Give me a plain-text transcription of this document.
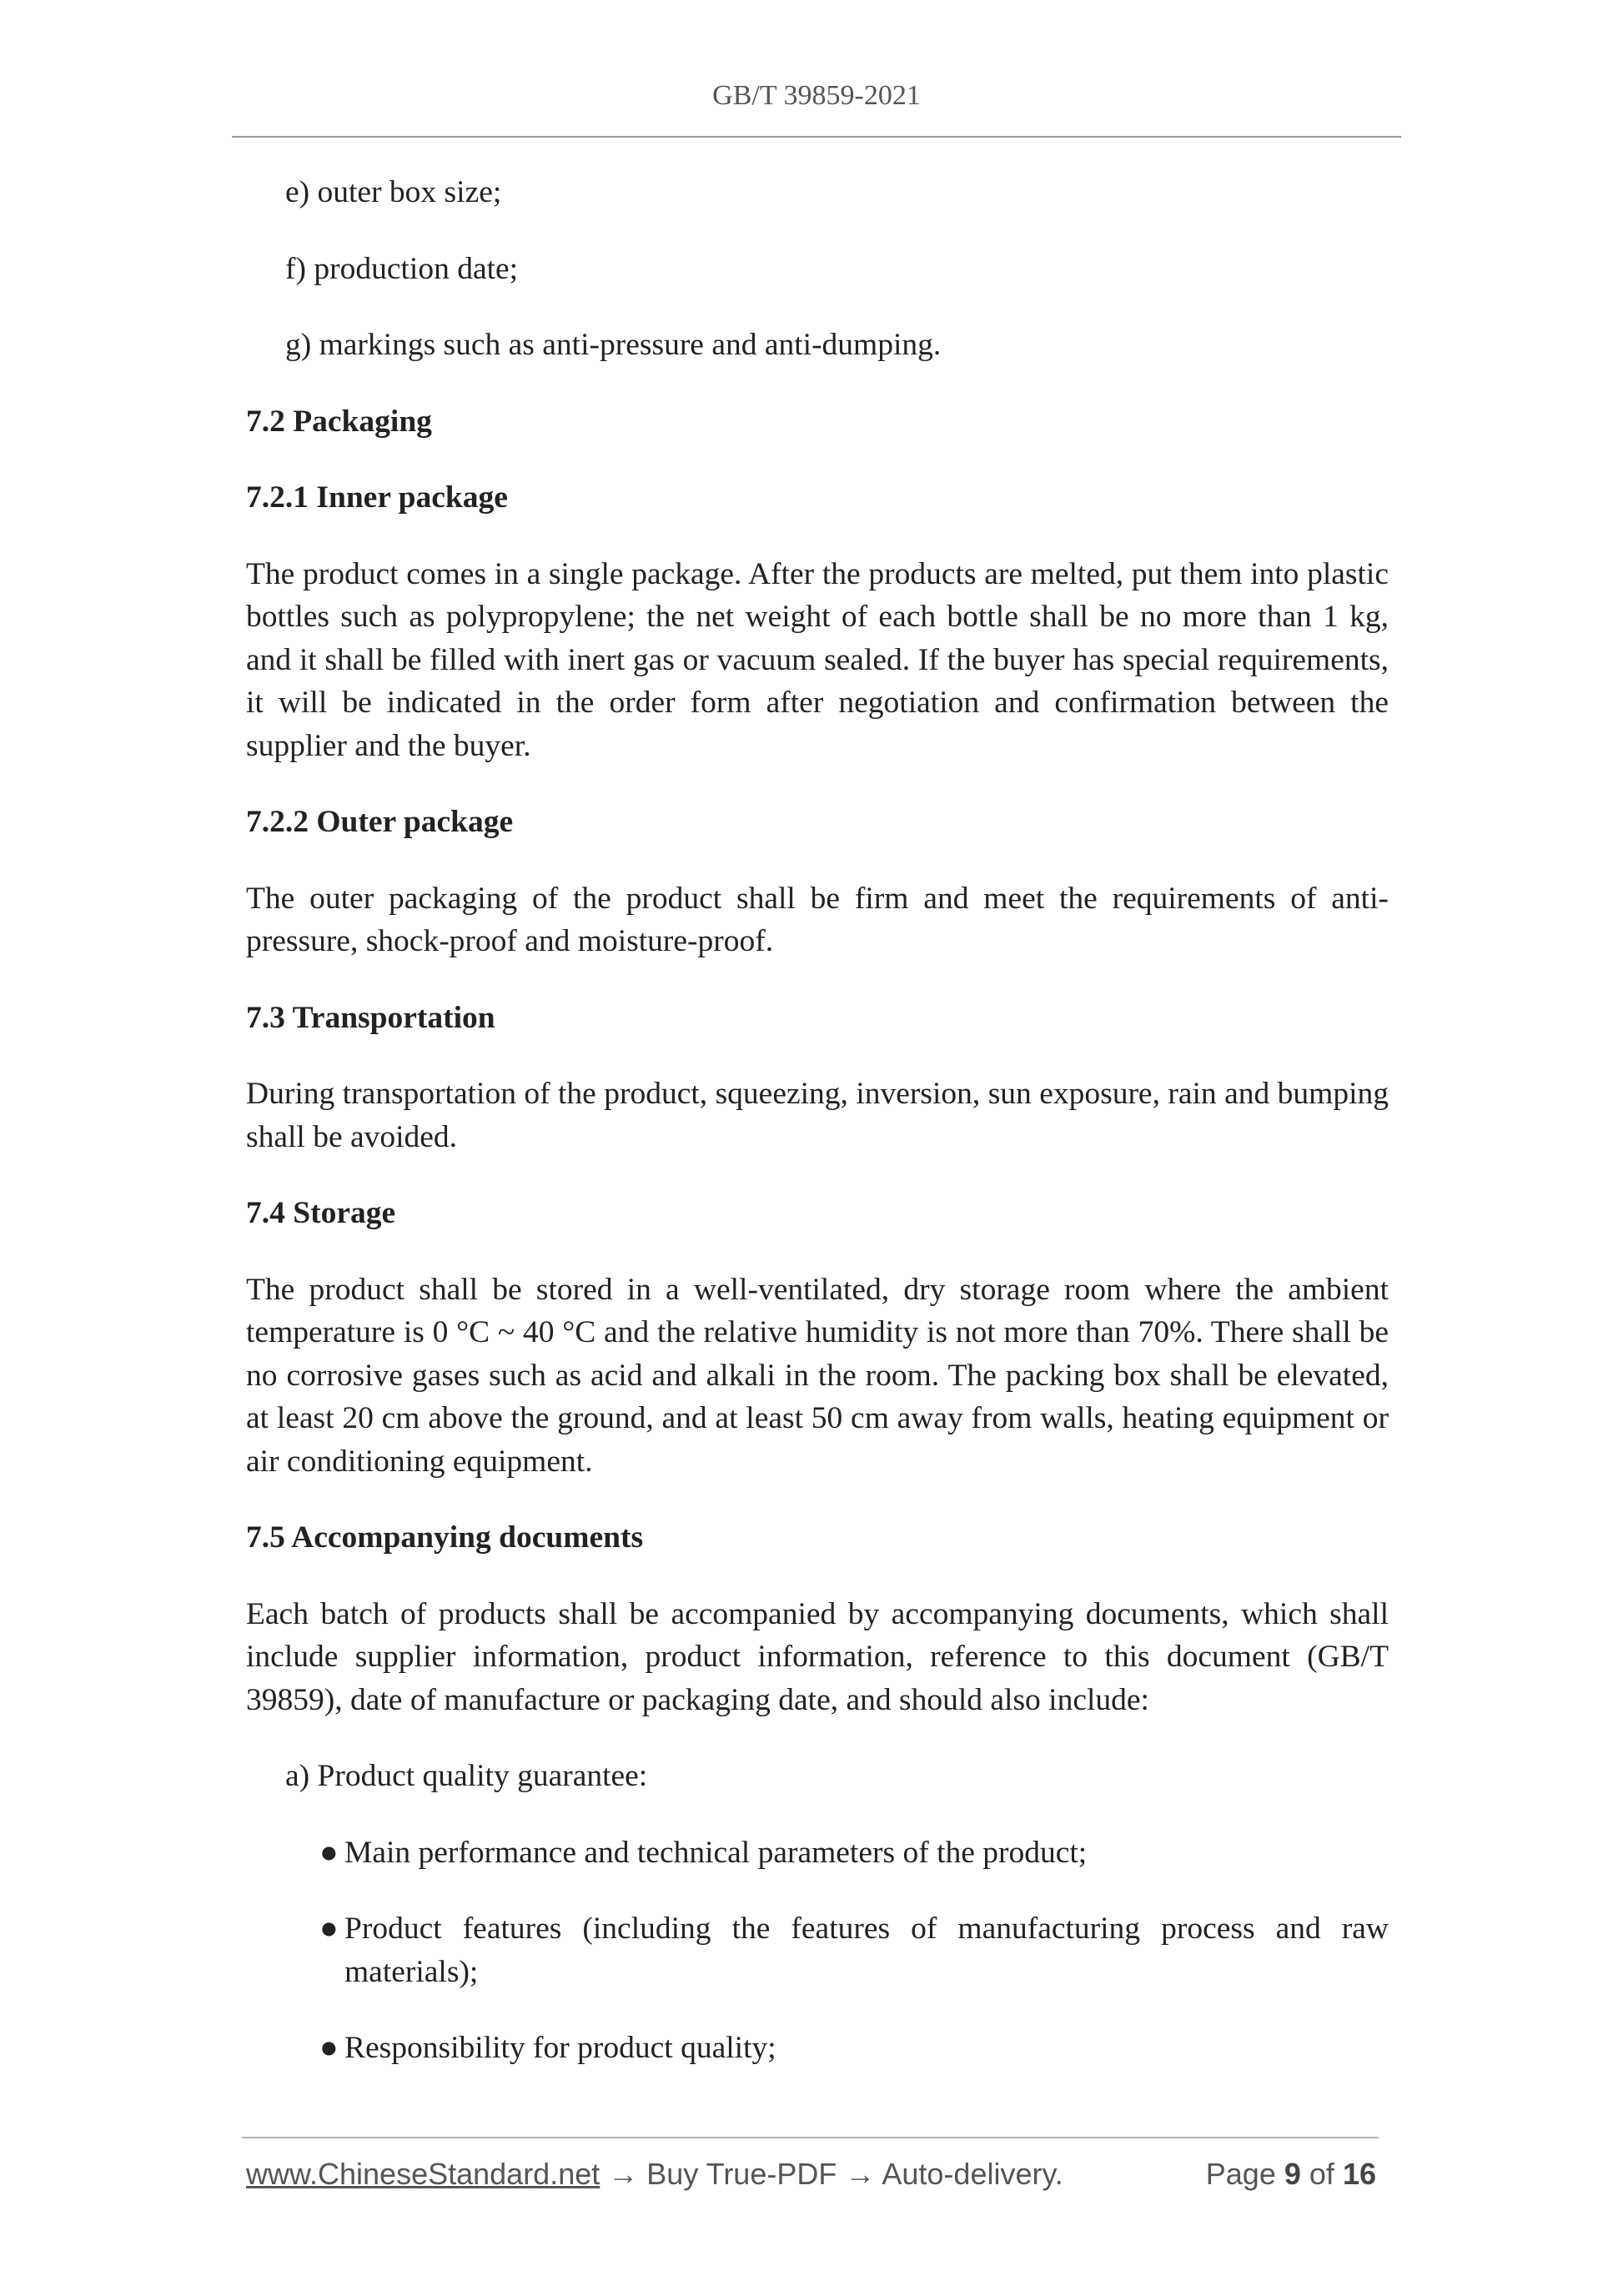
GB/T 39859-2021

e) outer box size;

f) production date;

g) markings such as anti-pressure and anti-dumping.

7.2 Packaging

7.2.1 Inner package

The product comes in a single package. After the products are melted, put them into plastic bottles such as polypropylene; the net weight of each bottle shall be no more than 1 kg, and it shall be filled with inert gas or vacuum sealed. If the buyer has special requirements, it will be indicated in the order form after negotiation and confirmation between the supplier and the buyer.

7.2.2 Outer package

The outer packaging of the product shall be firm and meet the requirements of anti-pressure, shock-proof and moisture-proof.

7.3 Transportation

During transportation of the product, squeezing, inversion, sun exposure, rain and bumping shall be avoided.

7.4 Storage

The product shall be stored in a well-ventilated, dry storage room where the ambient temperature is 0 °C ~ 40 °C and the relative humidity is not more than 70%. There shall be no corrosive gases such as acid and alkali in the room. The packing box shall be elevated, at least 20 cm above the ground, and at least 50 cm away from walls, heating equipment or air conditioning equipment.

7.5 Accompanying documents

Each batch of products shall be accompanied by accompanying documents, which shall include supplier information, product information, reference to this document (GB/T 39859), date of manufacture or packaging date, and should also include:

a) Product quality guarantee:

● Main performance and technical parameters of the product;

● Product features (including the features of manufacturing process and raw materials);

● Responsibility for product quality;

www.ChineseStandard.net → Buy True-PDF → Auto-delivery.	Page 9 of 16
